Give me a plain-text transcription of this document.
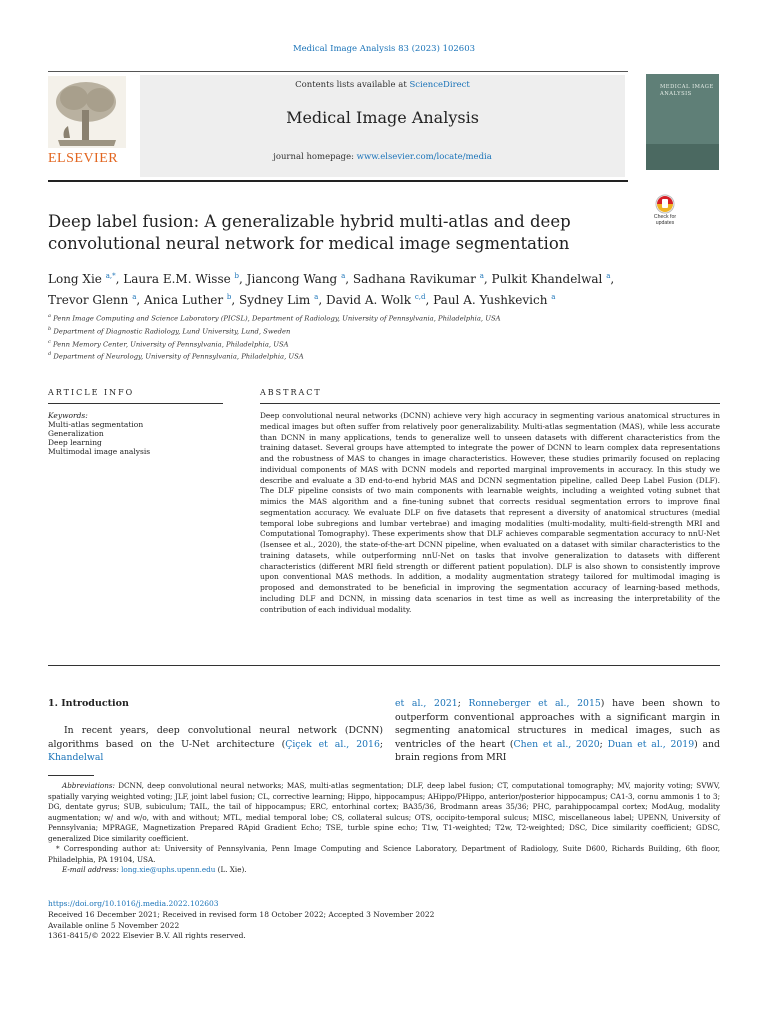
Medical Image Analysis 83 (2023) 102603
ELSEVIER
Contents lists available at ScienceDirect
Medical Image Analysis
journal homepage: www.elsevier.com/locate/media
MEDICAL IMAGE ANALYSIS
Check for updates
Deep label fusion: A generalizable hybrid multi-atlas and deep convolutional neural network for medical image segmentation
Long Xie $^{a,*}$, Laura E.M. Wisse $^b$, Jiancong Wang $^a$, Sadhana Ravikumar $^a$, Pulkit Khandelwal $^a$,
Trevor Glenn $^a$, Anica Luther $^b$, Sydney Lim $^a$, David A. Wolk $^{c,d}$, Paul A. Yushkevich $^a$
$^a$ Penn Image Computing and Science Laboratory (PICSL), Department of Radiology, University of Pennsylvania, Philadelphia, USA
$^b$ Department of Diagnostic Radiology, Lund University, Lund, Sweden
$^c$ Penn Memory Center, University of Pennsylvania, Philadelphia, USA
$^d$ Department of Neurology, University of Pennsylvania, Philadelphia, USA
ARTICLE INFO	ABSTRACT
Keywords:
Multi-atlas segmentation
Generalization
Deep learning
Multimodal image analysis
Deep convolutional neural networks (DCNN) achieve very high accuracy in segmenting various anatomical structures in medical images but often suffer from relatively poor generalizability. Multi-atlas segmentation (MAS), while less accurate than DCNN in many applications, tends to generalize well to unseen datasets with different characteristics from the training dataset. Several groups have attempted to integrate the power of DCNN to learn complex data representations and the robustness of MAS to changes in image characteristics. However, these studies primarily focused on replacing individual components of MAS with DCNN models and reported marginal improvements in accuracy. In this study we describe and evaluate a 3D end-to-end hybrid MAS and DCNN segmentation pipeline, called Deep Label Fusion (DLF). The DLF pipeline consists of two main components with learnable weights, including a weighted voting subnet that mimics the MAS algorithm and a fine-tuning subnet that corrects residual segmentation errors to improve final segmentation accuracy. We evaluate DLF on five datasets that represent a diversity of anatomical structures (medial temporal lobe subregions and lumbar vertebrae) and imaging modalities (multi-modality, multi-field-strength MRI and Computational Tomography). These experiments show that DLF achieves comparable segmentation accuracy to nnU-Net (Isensee et al., 2020), the state-of-the-art DCNN pipeline, when evaluated on a dataset with similar characteristics to the training datasets, while outperforming nnU-Net on tasks that involve generalization to datasets with different characteristics (different MRI field strength or different patient population). DLF is also shown to consistently improve upon conventional MAS methods. In addition, a modality augmentation strategy tailored for multimodal imaging is proposed and demonstrated to be beneficial in improving the segmentation accuracy of learning-based methods, including DLF and DCNN, in missing data scenarios in test time as well as increasing the interpretability of the contribution of each individual modality.
1. Introduction
In recent years, deep convolutional neural network (DCNN) algorithms based on the U-Net architecture (Çiçek et al., 2016; Khandelwal
et al., 2021; Ronneberger et al., 2015) have been shown to outperform conventional approaches with a significant margin in segmenting anatomical structures in medical images, such as ventricles of the heart (Chen et al., 2020; Duan et al., 2019) and brain regions from MRI

Abbreviations: DCNN, deep convolutional neural networks; MAS, multi-atlas segmentation; DLF, deep label fusion; CT, computational tomography; MV, majority voting; SVWV, spatially varying weighted voting; JLF, joint label fusion; CL, corrective learning; Hippo, hippocampus; AHippo/PHippo, anterior/posterior hippocampus; CA1-3, cornu ammonis 1 to 3; DG, dentate gyrus; SUB, subiculum; TAIL, the tail of hippocampus; ERC, entorhinal cortex; BA35/36, Brodmann areas 35/36; PHC, parahippocampal cortex; ModAug, modality augmentation; w/ and w/o, with and without; MTL, medial temporal lobe; CS, collateral sulcus; OTS, occipito-temporal sulcus; MISC, miscellaneous label; UPENN, University of Pennsylvania; MPRAGE, Magnetization Prepared RApid Gradient Echo; TSE, turble spine echo; T1w, T1-weighted; T2w, T2-weighted; DSC, Dice similarity coefficient; GDSC, generalized Dice similarity coefficient.

* Corresponding author at: University of Pennsylvania, Penn Image Computing and Science Laboratory, Department of Radiology, Suite D600, Richards Building, 6th floor, Philadelphia, PA 19104, USA.

E-mail address: long.xie@uphs.upenn.edu (L. Xie).

https://doi.org/10.1016/j.media.2022.102603
Received 16 December 2021; Received in revised form 18 October 2022; Accepted 3 November 2022
Available online 5 November 2022
1361-8415/© 2022 Elsevier B.V. All rights reserved.
